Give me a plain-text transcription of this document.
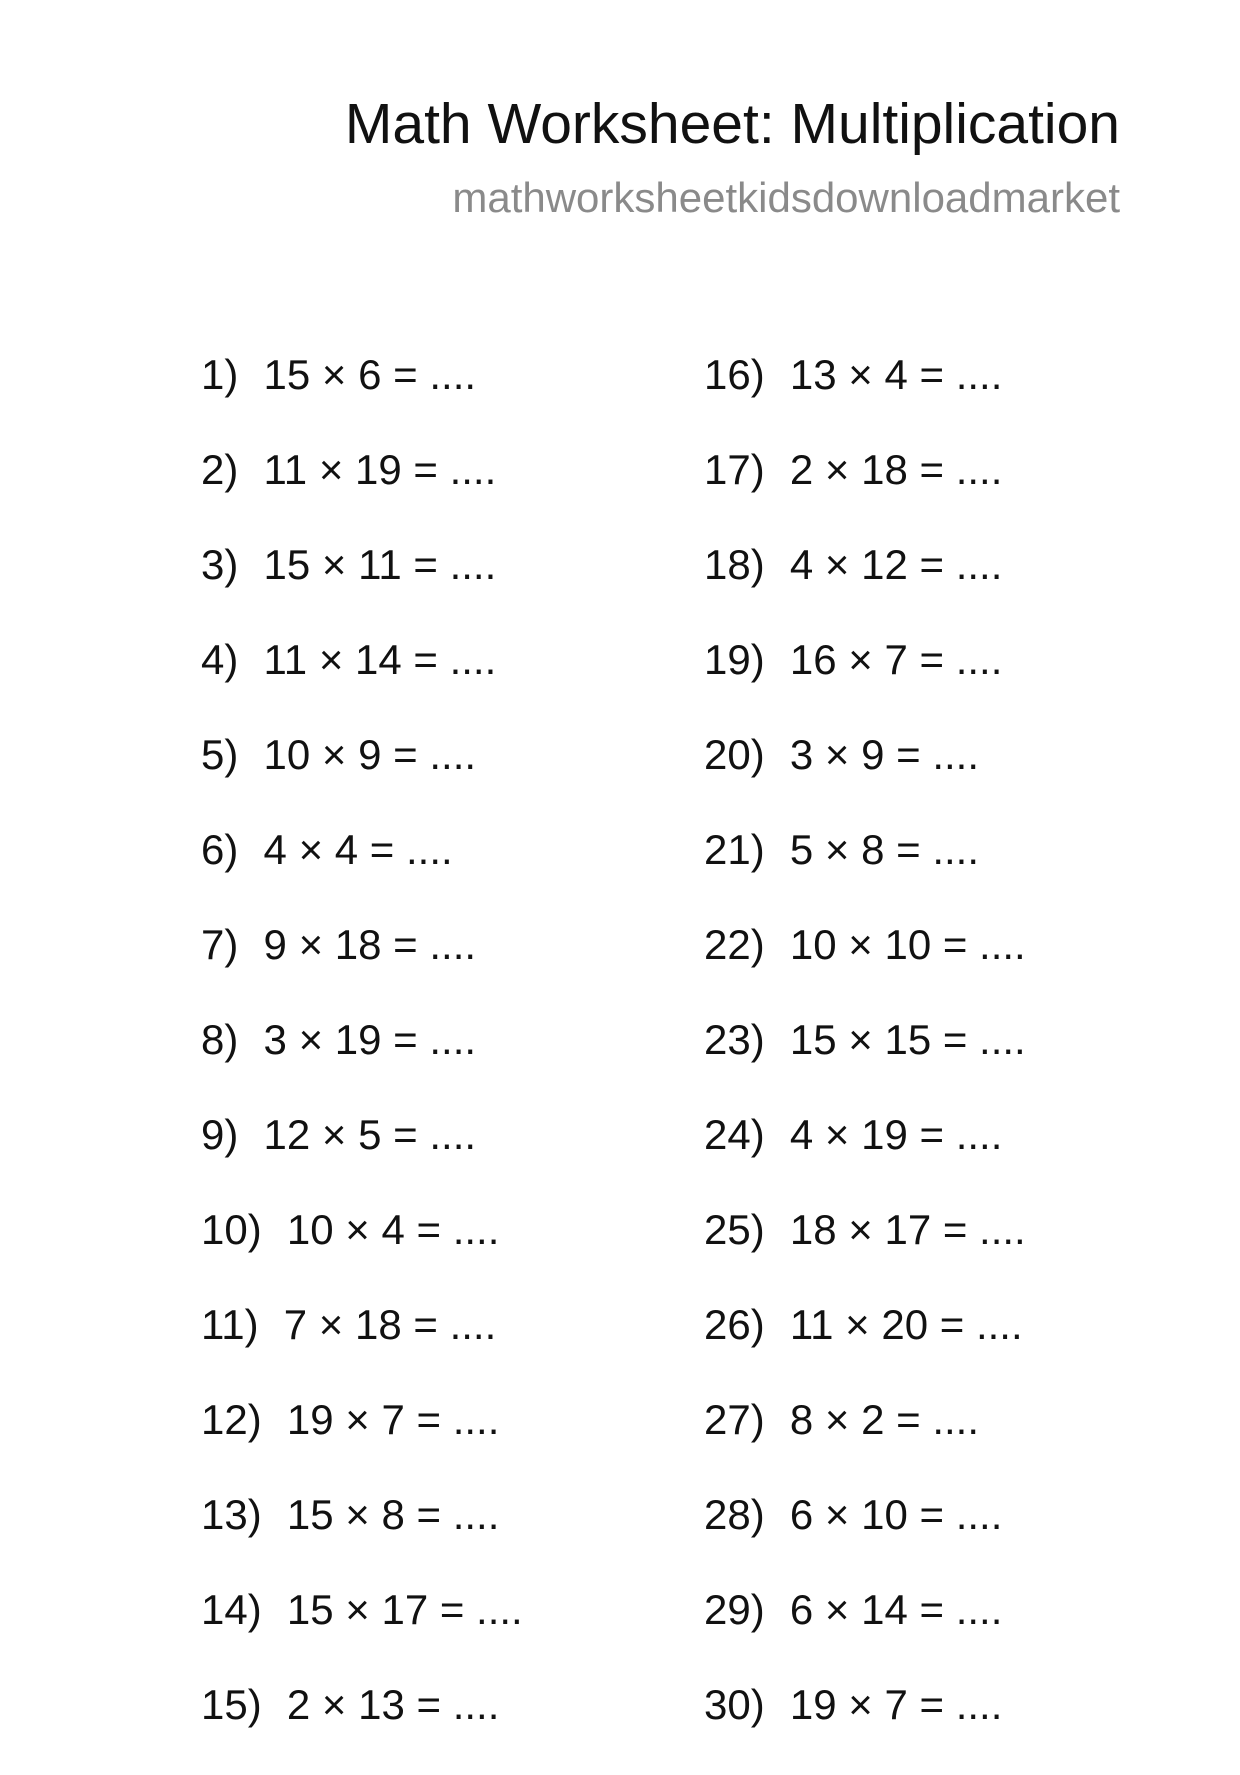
Math Worksheet: Multiplication
mathworksheetkidsdownloadmarket
1) 15 × 6 = ....
2) 11 × 19 = ....
3) 15 × 11 = ....
4) 11 × 14 = ....
5) 10 × 9 = ....
6) 4 × 4 = ....
7) 9 × 18 = ....
8) 3 × 19 = ....
9) 12 × 5 = ....
10) 10 × 4 = ....
11) 7 × 18 = ....
12) 19 × 7 = ....
13) 15 × 8 = ....
14) 15 × 17 = ....
15) 2 × 13 = ....
16) 13 × 4 = ....
17) 2 × 18 = ....
18) 4 × 12 = ....
19) 16 × 7 = ....
20) 3 × 9 = ....
21) 5 × 8 = ....
22) 10 × 10 = ....
23) 15 × 15 = ....
24) 4 × 19 = ....
25) 18 × 17 = ....
26) 11 × 20 = ....
27) 8 × 2 = ....
28) 6 × 10 = ....
29) 6 × 14 = ....
30) 19 × 7 = ....
